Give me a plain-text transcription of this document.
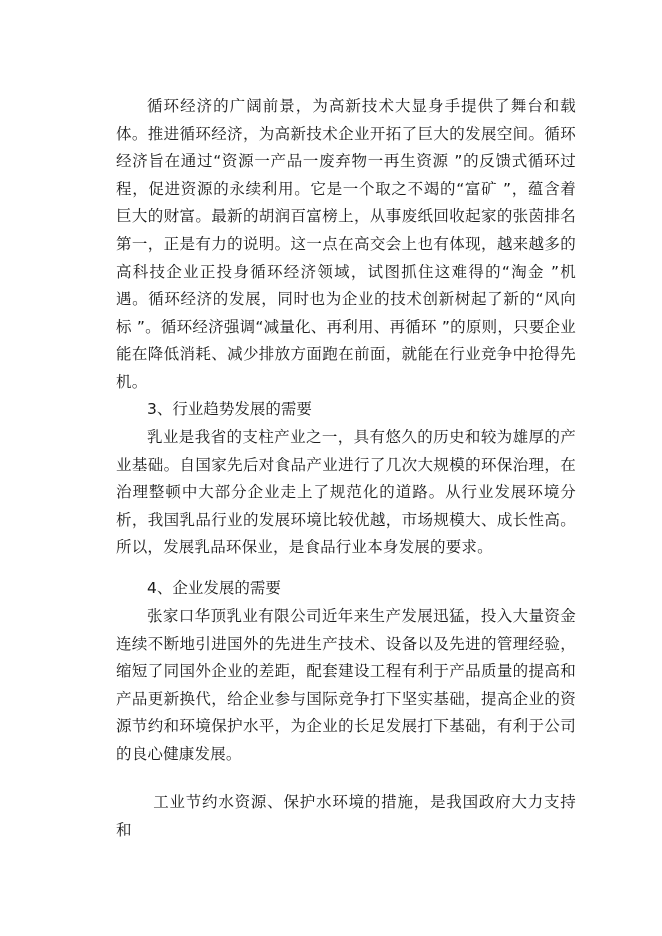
循环经济的广阔前景，为高新技术大显身手提供了舞台和载体。推进循环经济，为高新技术企业开拓了巨大的发展空间。循环经济旨在通过“资源一产品一废弃物一再生资源 ”的反馈式循环过程，促进资源的永续利用。它是一个取之不竭的“富矿 ”，蕴含着巨大的财富。最新的胡润百富榜上，从事废纸回收起家的张茵排名第一，正是有力的说明。这一点在高交会上也有体现，越来越多的高科技企业正投身循环经济领域，试图抓住这难得的“淘金 ”机遇。循环经济的发展，同时也为企业的技术创新树起了新的“风向标 ”。循环经济强调“减量化、再利用、再循环 ”的原则，只要企业能在降低消耗、减少排放方面跑在前面，就能在行业竞争中抢得先机。

3、行业趋势发展的需要

乳业是我省的支柱产业之一，具有悠久的历史和较为雄厚的产业基础。自国家先后对食品产业进行了几次大规模的环保治理，在治理整顿中大部分企业走上了规范化的道路。从行业发展环境分析，我国乳品行业的发展环境比较优越，市场规模大、成长性高。所以，发展乳品环保业，是食品行业本身发展的要求。

4、企业发展的需要

张家口华顶乳业有限公司近年来生产发展迅猛，投入大量资金连续不断地引进国外的先进生产技术、设备以及先进的管理经验，缩短了同国外企业的差距，配套建设工程有利于产品质量的提高和产品更新换代，给企业参与国际竞争打下坚实基础，提高企业的资源节约和环境保护水平，为企业的长足发展打下基础，有利于公司的良心健康发展。

工业节约水资源、保护水环境的措施，是我国政府大力支持和
